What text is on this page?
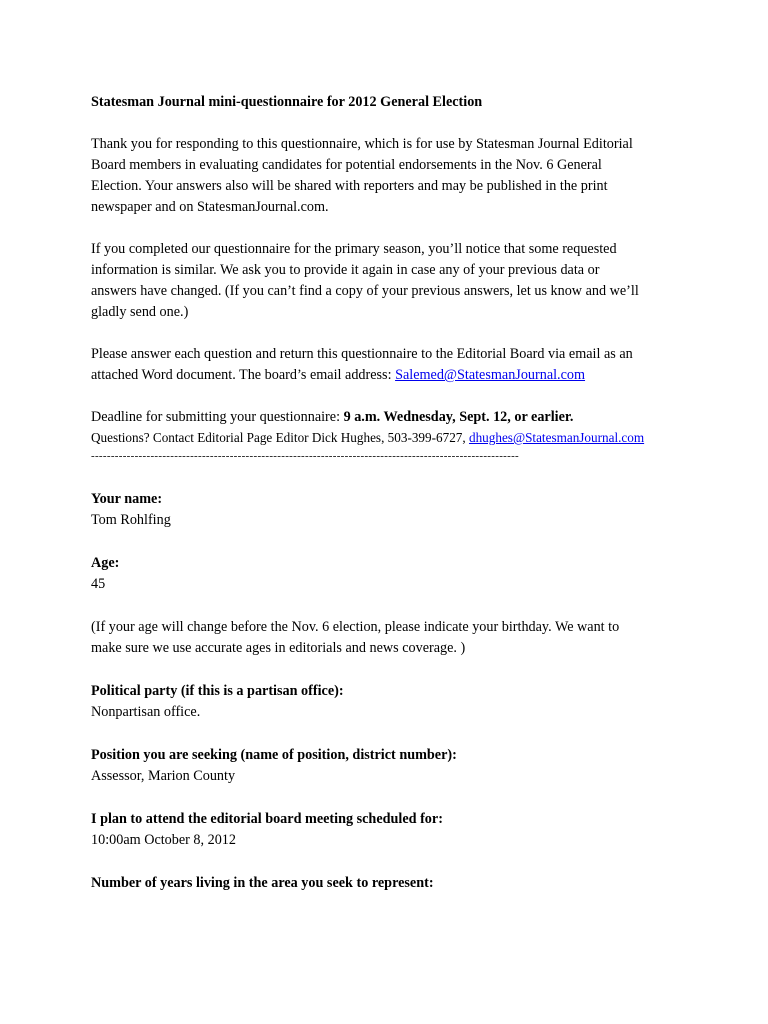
Statesman Journal mini-questionnaire for 2012 General Election
Thank you for responding to this questionnaire, which is for use by Statesman Journal Editorial
Board members in evaluating candidates for potential endorsements in the Nov. 6 General
Election. Your answers also will be shared with reporters and may be published in the print
newspaper and on StatesmanJournal.com.
If you completed our questionnaire for the primary season, you’ll notice that some requested
information is similar. We ask you to provide it again in case any of your previous data or
answers have changed. (If you can’t find a copy of your previous answers, let us know and we’ll
gladly send one.)
Please answer each question and return this questionnaire to the Editorial Board via email as an
attached Word document. The board’s email address: Salemed@StatesmanJournal.com
Deadline for submitting your questionnaire: 9 a.m. Wednesday, Sept. 12, or earlier.
Questions? Contact Editorial Page Editor Dick Hughes, 503-399-6727, dhughes@StatesmanJournal.com
------------------------------------------------------------------------------------------------------------
Your name:
Tom Rohlfing
Age:
45
(If your age will change before the Nov. 6 election, please indicate your birthday. We want to
make sure we use accurate ages in editorials and news coverage. )
Political party (if this is a partisan office):
Nonpartisan office.
Position you are seeking (name of position, district number):
Assessor, Marion County
I plan to attend the editorial board meeting scheduled for:
10:00am October 8, 2012
Number of years living in the area you seek to represent:
